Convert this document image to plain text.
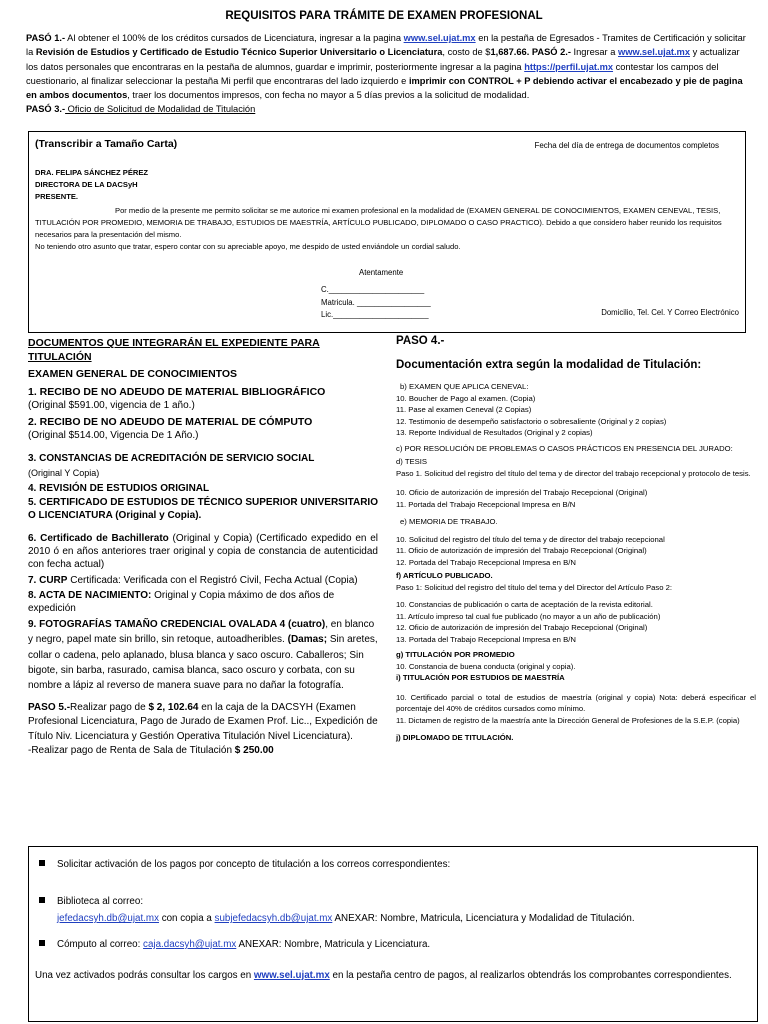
REQUISITOS PARA TRÁMITE DE EXAMEN PROFESIONAL
PASÓ 1.- Al obtener el 100% de los créditos cursados de Licenciatura, ingresar a la pagina www.sel.ujat.mx en la pestaña de Egresados - Tramites de Certificación y solicitar la Revisión de Estudios y Certificado de Estudio Técnico Superior Universitario o Licenciatura, costo de $1,687.66. PASÓ 2.- Ingresar a www.sel.ujat.mx y actualizar los datos personales que encontraras en la pestaña de alumnos, guardar e imprimir, posteriormente ingresar a la pagina https://perfil.ujat.mx contestar los campos del cuestionario, al finalizar seleccionar la pestaña Mi perfil que encontraras del lado izquierdo e imprimir con CONTROL + P debiendo activar el encabezado y pie de pagina en ambos documentos, traer los documentos impresos, con fecha no mayor a 5 días previos a la solicitud de modalidad.
PASÓ 3.- Oficio de Solicitud de Modalidad de Titulación
(Transcribir a Tamaño Carta)	Fecha del día de entrega de documentos completos
DRA. FELIPA SÁNCHEZ PÉREZ
DIRECTORA DE LA DACSyH
PRESENTE.
Por medio de la presente me permito solicitar se me autorice mi examen profesional en la modalidad de (EXAMEN GENERAL DE CONOCIMIENTOS, EXAMEN CENEVAL, TESIS, TITULACIÓN POR PROMEDIO, MEMORIA DE TRABAJO, ESTUDIOS DE MAESTRÍA, ARTÍCULO PUBLICADO, DIPLOMADO O CASO PRACTICO). Debido a que considero haber reunido los requisitos necesarios para la presentación del mismo.
No teniendo otro asunto que tratar, espero contar con su apreciable apoyo, me despido de usted enviándole un cordial saludo.
Atentamente
C.______________________
Matricula. _________________
Lic.______________________	Domicilio, Tel. Cel. Y Correo Electrónico

DOCUMENTOS QUE INTEGRARÁN EL EXPEDIENTE PARA TITULACIÓN

EXAMEN GENERAL DE CONOCIMIENTOS

1. RECIBO DE NO ADEUDO DE MATERIAL BIBLIOGRÁFICO

(Original $591.00, vigencia de 1 año.)

2. RECIBO DE NO ADEUDO DE MATERIAL DE CÓMPUTO

(Original $514.00, Vigencia De 1 Año.)

3. CONSTANCIAS DE ACREDITACIÓN DE SERVICIO SOCIAL

(Original Y Copia)

4. REVISIÓN DE ESTUDIOS ORIGINAL

5. CERTIFICADO DE ESTUDIOS DE TÉCNICO SUPERIOR UNIVERSITARIO O LICENCIATURA (Original y Copia).

6. Certificado de Bachillerato (Original y Copia) (Certificado expedido en el 2010 ó en años anteriores traer original y copia de constancia de autenticidad con fecha actual)

7. CURP Certificada: Verificada con el Registró Civil, Fecha Actual (Copia)

8. ACTA DE NACIMIENTO: Original y Copia máximo de dos años de expedición

9. FOTOGRAFÍAS TAMAÑO CREDENCIAL OVALADA 4 (cuatro), en blanco y negro, papel mate sin brillo, sin retoque, autoadheribles. (Damas; Sin aretes, collar o cadena, pelo aplanado, blusa blanca y saco oscuro. Caballeros; Sin bigote, sin barba, rasurado, camisa blanca, saco oscuro y corbata, con su nombre a lápiz al reverso de manera suave para no dañar la fotografía.

PASO 5.-Realizar pago de $ 2, 102.64 en la caja de la DACSYH (Examen Profesional Licenciatura, Pago de Jurado de Examen Prof. Lic.., Expedición de Título Niv. Licenciatura y Gestión Operativa Titulación Nivel Licenciatura).
-Realizar pago de Renta de Sala de Titulación $ 250.00

PASO 4.-

Documentación extra según la modalidad de Titulación:

b) EXAMEN QUE APLICA CENEVAL:

10. Boucher de Pago al examen. (Copia)

11. Pase al examen Ceneval (2 Copias)

12. Testimonio de desempeño satisfactorio o sobresaliente (Original y 2 copias)

13. Reporte Individual de Resultados (Original y 2 copias)

c) POR RESOLUCIÓN DE PROBLEMAS O CASOS PRÁCTICOS EN PRESENCIA DEL JURADO:

d) TESIS

Paso 1. Solicitud del registro del título del tema y de director del trabajo recepcional y protocolo de tesis.

10. Oficio de autorización de impresión del Trabajo Recepcional (Original)

11. Portada del Trabajo Recepcional Impresa en B/N

e) MEMORIA DE TRABAJO.

10. Solicitud del registro del título del tema y de director del trabajo recepcional

11. Oficio de autorización de impresión del Trabajo Recepcional (Original)

12. Portada del Trabajo Recepcional Impresa en B/N

f) ARTÍCULO PUBLICADO.

Paso 1: Solicitud del registro del título del tema y del Director del Artículo Paso 2:

10. Constancias de publicación o carta de aceptación de la revista editorial.

11. Artículo impreso tal cual fue publicado (no mayor a un año de publicación)

12. Oficio de autorización de impresión del Trabajo Recepcional (Original)

13. Portada del Trabajo Recepcional Impresa en B/N

g) TITULACIÓN POR PROMEDIO

10. Constancia de buena conducta (original y copia).

i) TITULACIÓN POR ESTUDIOS DE MAESTRÍA

10. Certificado parcial o total de estudios de maestría (original y copia) Nota: deberá especificar el porcentaje del 40% de créditos cursados como mínimo.

11. Dictamen de registro de la maestría ante la Dirección General de Profesiones de la S.E.P. (copia)

j) DIPLOMADO DE TITULACIÓN.

Solicitar activación de los pagos por concepto de titulación a los correos correspondientes:
Biblioteca al correo:
jefedacsyh.db@ujat.mx con copia a subjefedacsyh.db@ujat.mx ANEXAR: Nombre, Matricula, Licenciatura y Modalidad de Titulación.
Cómputo al correo: caja.dacsyh@ujat.mx ANEXAR: Nombre, Matricula y Licenciatura.
Una vez activados podrás consultar los cargos en www.sel.ujat.mx en la pestaña centro de pagos, al realizarlos obtendrás los comprobantes correspondientes.
